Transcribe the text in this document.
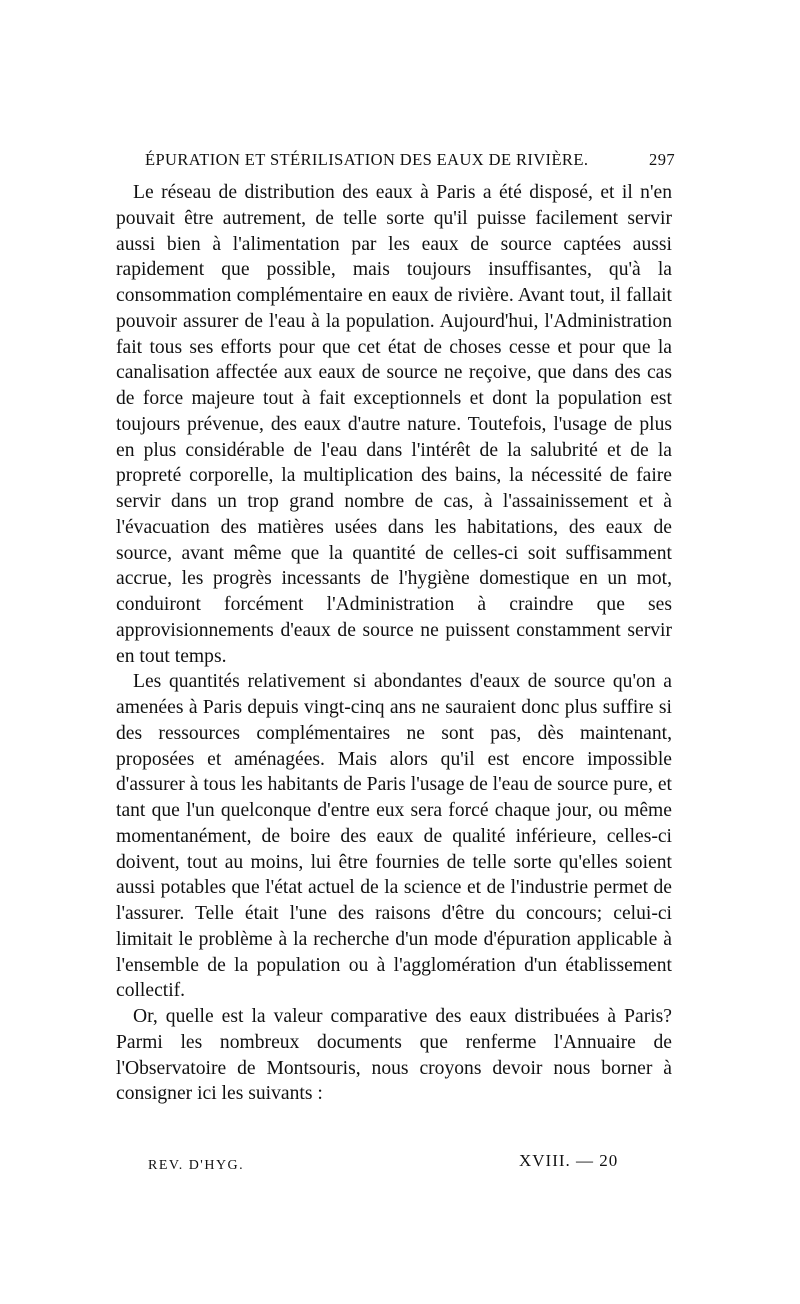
ÉPURATION ET STÉRILISATION DES EAUX DE RIVIÈRE.	297

Le réseau de distribution des eaux à Paris a été disposé, et il n'en pouvait être autrement, de telle sorte qu'il puisse facilement servir aussi bien à l'alimentation par les eaux de source captées aussi rapidement que possible, mais toujours insuffisantes, qu'à la consommation complémentaire en eaux de rivière. Avant tout, il fallait pouvoir assurer de l'eau à la population. Aujourd'hui, l'Administration fait tous ses efforts pour que cet état de choses cesse et pour que la canalisation affectée aux eaux de source ne reçoive, que dans des cas de force majeure tout à fait exceptionnels et dont la population est toujours prévenue, des eaux d'autre nature. Toutefois, l'usage de plus en plus considérable de l'eau dans l'intérêt de la salubrité et de la propreté corporelle, la multiplication des bains, la nécessité de faire servir dans un trop grand nombre de cas, à l'assainissement et à l'évacuation des matières usées dans les habitations, des eaux de source, avant même que la quantité de celles-ci soit suffisamment accrue, les progrès incessants de l'hygiène domestique en un mot, conduiront forcément l'Administration à craindre que ses approvisionnements d'eaux de source ne puissent constamment servir en tout temps.

Les quantités relativement si abondantes d'eaux de source qu'on a amenées à Paris depuis vingt-cinq ans ne sauraient donc plus suffire si des ressources complémentaires ne sont pas, dès maintenant, proposées et aménagées. Mais alors qu'il est encore impossible d'assurer à tous les habitants de Paris l'usage de l'eau de source pure, et tant que l'un quelconque d'entre eux sera forcé chaque jour, ou même momentanément, de boire des eaux de qualité inférieure, celles-ci doivent, tout au moins, lui être fournies de telle sorte qu'elles soient aussi potables que l'état actuel de la science et de l'industrie permet de l'assurer. Telle était l'une des raisons d'être du concours; celui-ci limitait le problème à la recherche d'un mode d'épuration applicable à l'ensemble de la population ou à l'agglomération d'un établissement collectif.

Or, quelle est la valeur comparative des eaux distribuées à Paris? Parmi les nombreux documents que renferme l'Annuaire de l'Observatoire de Montsouris, nous croyons devoir nous borner à consigner ici les suivants :

REV. D'HYG.	XVIII. — 20
